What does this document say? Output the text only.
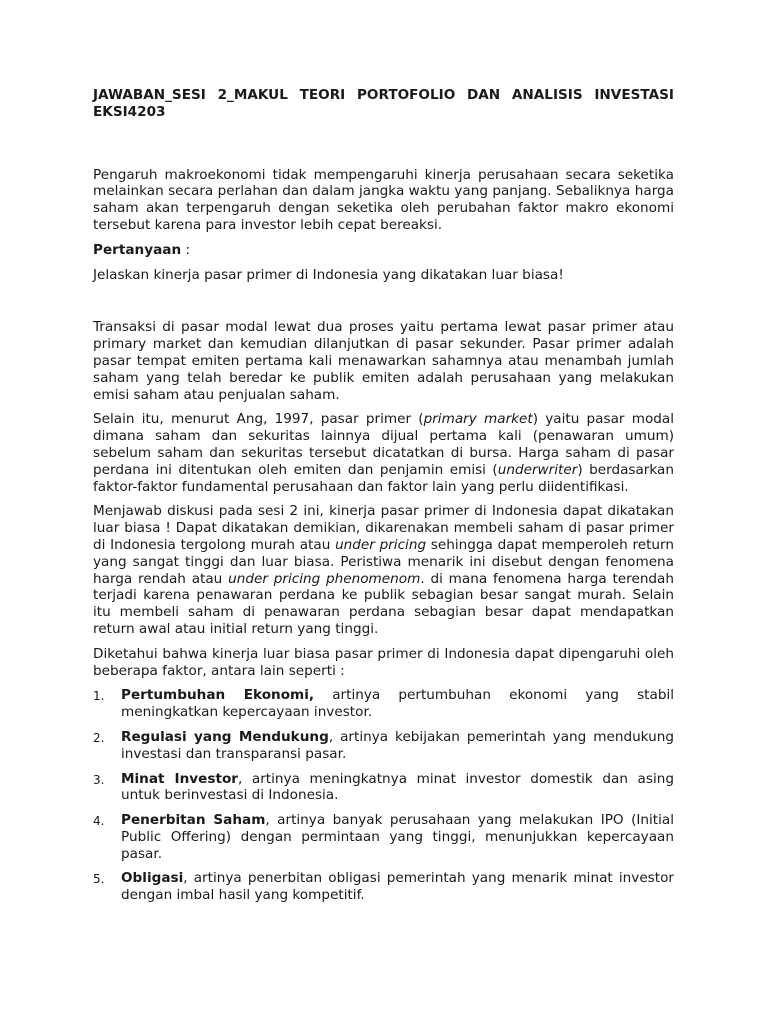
JAWABAN_SESI 2_MAKUL TEORI PORTOFOLIO DAN ANALISIS INVESTASI EKSI4203

Pengaruh makroekonomi tidak mempengaruhi kinerja perusahaan secara seketika melainkan secara perlahan dan dalam jangka waktu yang panjang. Sebaliknya harga saham akan terpengaruh dengan seketika oleh perubahan faktor makro ekonomi tersebut karena para investor lebih cepat bereaksi.

Pertanyaan :

Jelaskan kinerja pasar primer di Indonesia yang dikatakan luar biasa!

Transaksi di pasar modal lewat dua proses yaitu pertama lewat pasar primer atau primary market dan kemudian dilanjutkan di pasar sekunder. Pasar primer adalah pasar tempat emiten pertama kali menawarkan sahamnya atau menambah jumlah saham yang telah beredar ke publik emiten adalah perusahaan yang melakukan emisi saham atau penjualan saham.

Selain itu, menurut Ang, 1997, pasar primer (primary market) yaitu pasar modal dimana saham dan sekuritas lainnya dijual pertama kali (penawaran umum) sebelum saham dan sekuritas tersebut dicatatkan di bursa. Harga saham di pasar perdana ini ditentukan oleh emiten dan penjamin emisi (underwriter) berdasarkan faktor-faktor fundamental perusahaan dan faktor lain yang perlu diidentifikasi.

Menjawab diskusi pada sesi 2 ini, kinerja pasar primer di Indonesia dapat dikatakan luar biasa ! Dapat dikatakan demikian, dikarenakan membeli saham di pasar primer di Indonesia tergolong murah atau under pricing sehingga dapat memperoleh return yang sangat tinggi dan luar biasa. Peristiwa menarik ini disebut dengan fenomena harga rendah atau under pricing phenomenom. di mana fenomena harga terendah terjadi karena penawaran perdana ke publik sebagian besar sangat murah. Selain itu membeli saham di penawaran perdana sebagian besar dapat mendapatkan return awal atau initial return yang tinggi.

Diketahui bahwa kinerja luar biasa pasar primer di Indonesia dapat dipengaruhi oleh beberapa faktor, antara lain seperti :

1. Pertumbuhan Ekonomi, artinya pertumbuhan ekonomi yang stabil meningkatkan kepercayaan investor.
2. Regulasi yang Mendukung, artinya kebijakan pemerintah yang mendukung investasi dan transparansi pasar.
3. Minat Investor, artinya meningkatnya minat investor domestik dan asing untuk berinvestasi di Indonesia.
4. Penerbitan Saham, artinya banyak perusahaan yang melakukan IPO (Initial Public Offering) dengan permintaan yang tinggi, menunjukkan kepercayaan pasar.
5. Obligasi, artinya penerbitan obligasi pemerintah yang menarik minat investor dengan imbal hasil yang kompetitif.
